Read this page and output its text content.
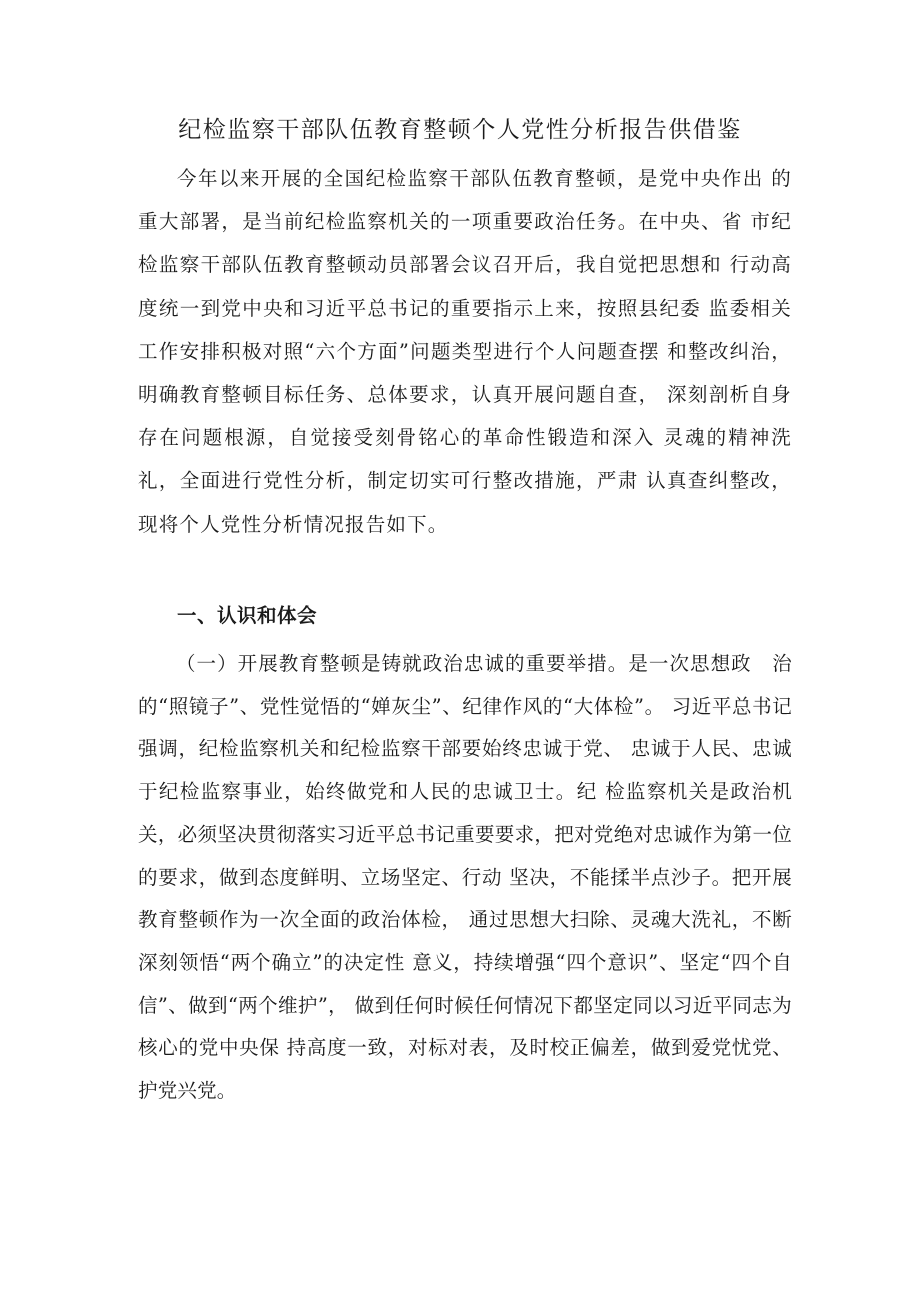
纪检监察干部队伍教育整顿个人党性分析报告供借鉴
今年以来开展的全国纪检监察干部队伍教育整顿，是党中央作出 的重大部署，是当前纪检监察机关的一项重要政治任务。在中央、省 市纪检监察干部队伍教育整顿动员部署会议召开后，我自觉把思想和 行动高度统一到党中央和习近平总书记的重要指示上来，按照县纪委 监委相关工作安排积极对照“六个方面”问题类型进行个人问题查摆 和整改纠治，明确教育整顿目标任务、总体要求，认真开展问题自查， 深刻剖析自身存在问题根源，自觉接受刻骨铭心的革命性锻造和深入 灵魂的精神洗礼，全面进行党性分析，制定切实可行整改措施，严肃 认真查纠整改，现将个人党性分析情况报告如下。
一、认识和体会
（一）开展教育整顿是铸就政治忠诚的重要举措。是一次思想政　治的“照镜子”、党性觉悟的“婵灰尘”、纪律作风的“大体检”。 习近平总书记强调，纪检监察机关和纪检监察干部要始终忠诚于党、 忠诚于人民、忠诚于纪检监察事业，始终做党和人民的忠诚卫士。纪 检监察机关是政治机关，必须坚决贯彻落实习近平总书记重要要求，把对党绝对忠诚作为第一位的要求，做到态度鲜明、立场坚定、行动 坚决，不能揉半点沙子。把开展教育整顿作为一次全面的政治体检， 通过思想大扫除、灵魂大洗礼，不断深刻领悟“两个确立”的决定性 意义，持续增强“四个意识”、坚定“四个自信”、做到“两个维护”， 做到任何时候任何情况下都坚定同以习近平同志为核心的党中央保 持高度一致，对标对表，及时校正偏差，做到爱党忧党、护党兴党。
